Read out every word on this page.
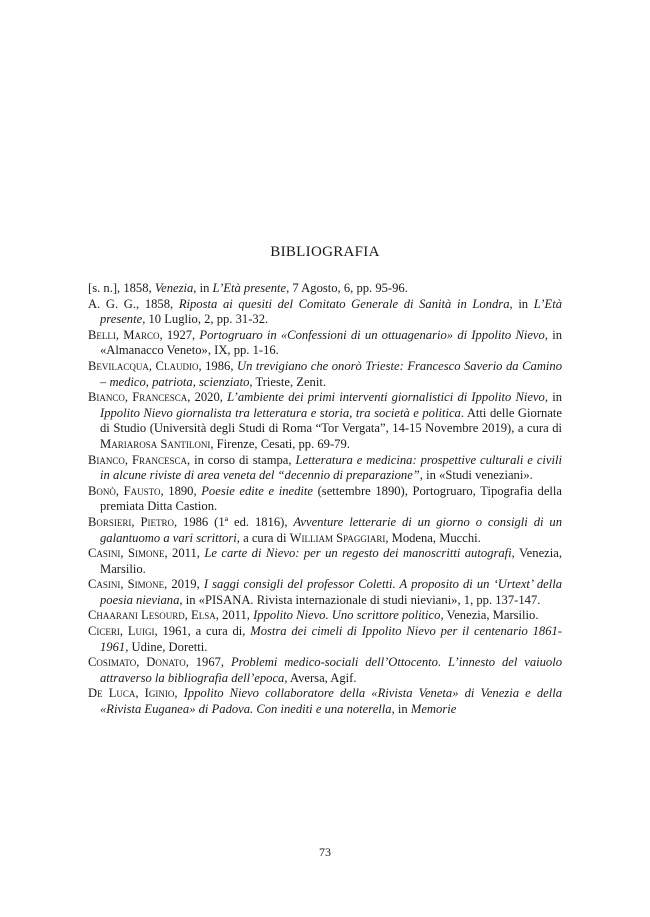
BIBLIOGRAFIA

[s. n.], 1858, Venezia, in L’Età presente, 7 Agosto, 6, pp. 95-96.

A. G. G., 1858, Riposta ai quesiti del Comitato Generale di Sanità in Londra, in L’Età presente, 10 Luglio, 2, pp. 31-32.

Belli, Marco, 1927, Portogruaro in «Confessioni di un ottuagenario» di Ippolito Nievo, in «Almanacco Veneto», IX, pp. 1-16.

Bevilacqua, Claudio, 1986, Un trevigiano che onorò Trieste: Francesco Saverio da Camino – medico, patriota, scienziato, Trieste, Zenit.

Bianco, Francesca, 2020, L’ambiente dei primi interventi giornalistici di Ippolito Nievo, in Ippolito Nievo giornalista tra letteratura e storia, tra società e politica. Atti delle Giornate di Studio (Università degli Studi di Roma “Tor Vergata”, 14-15 Novembre 2019), a cura di Mariarosa Santiloni, Firenze, Cesati, pp. 69-79.

Bianco, Francesca, in corso di stampa, Letteratura e medicina: prospettive culturali e civili in alcune riviste di area veneta del “decennio di preparazione”, in «Studi veneziani».

Bonò, Fausto, 1890, Poesie edite e inedite (settembre 1890), Portogruaro, Tipografia della premiata Ditta Castion.

Borsieri, Pietro, 1986 (1ª ed. 1816), Avventure letterarie di un giorno o consigli di un galantuomo a vari scrittori, a cura di William Spaggiari, Modena, Mucchi.

Casini, Simone, 2011, Le carte di Nievo: per un regesto dei manoscritti autografi, Venezia, Marsilio.

Casini, Simone, 2019, I saggi consigli del professor Coletti. A proposito di un ‘Urtext’ della poesia nieviana, in «PISANA. Rivista internazionale di studi nieviani», 1, pp. 137-147.

Chaarani Lesourd, Elsa, 2011, Ippolito Nievo. Uno scrittore politico, Venezia, Marsilio.

Ciceri, Luigi, 1961, a cura di, Mostra dei cimeli di Ippolito Nievo per il centenario 1861-1961, Udine, Doretti.

Cosimato, Donato, 1967, Problemi medico-sociali dell’Ottocento. L’innesto del vaiuolo attraverso la bibliografia dell’epoca, Aversa, Agif.

De Luca, Iginio, Ippolito Nievo collaboratore della «Rivista Veneta» di Venezia e della «Rivista Euganea» di Padova. Con inediti e una noterella, in Memorie

73
